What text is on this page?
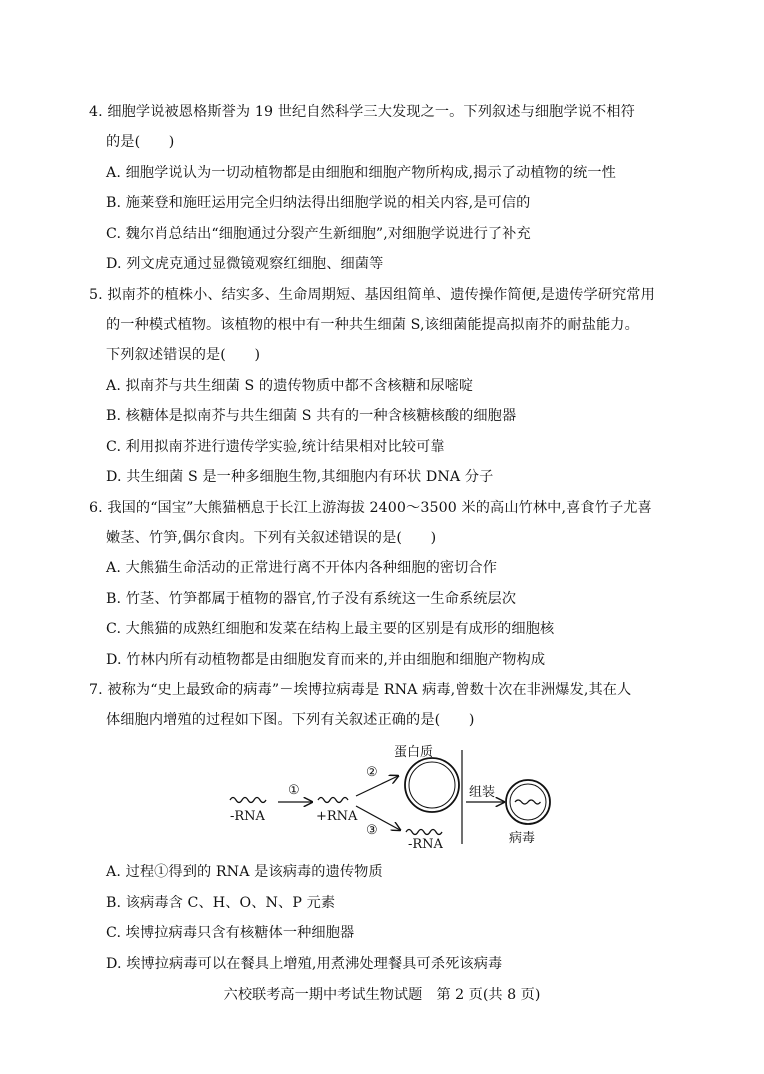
4. 细胞学说被恩格斯誉为 19 世纪自然科学三大发现之一。下列叙述与细胞学说不相符
的是(　　)
A. 细胞学说认为一切动植物都是由细胞和细胞产物所构成,揭示了动植物的统一性
B. 施莱登和施旺运用完全归纳法得出细胞学说的相关内容,是可信的
C. 魏尔肖总结出“细胞通过分裂产生新细胞”,对细胞学说进行了补充
D. 列文虎克通过显微镜观察红细胞、细菌等
5. 拟南芥的植株小、结实多、生命周期短、基因组简单、遗传操作简便,是遗传学研究常用
的一种模式植物。该植物的根中有一种共生细菌 S,该细菌能提高拟南芥的耐盐能力。
下列叙述错误的是(　　)
A. 拟南芥与共生细菌 S 的遗传物质中都不含核糖和尿嘧啶
B. 核糖体是拟南芥与共生细菌 S 共有的一种含核糖核酸的细胞器
C. 利用拟南芥进行遗传学实验,统计结果相对比较可靠
D. 共生细菌 S 是一种多细胞生物,其细胞内有环状 DNA 分子
6. 我国的“国宝”大熊猫栖息于长江上游海拔 2400～3500 米的高山竹林中,喜食竹子尤喜
嫩茎、竹笋,偶尔食肉。下列有关叙述错误的是(　　)
A. 大熊猫生命活动的正常进行离不开体内各种细胞的密切合作
B. 竹茎、竹笋都属于植物的器官,竹子没有系统这一生命系统层次
C. 大熊猫的成熟红细胞和发菜在结构上最主要的区别是有成形的细胞核
D. 竹林内所有动植物都是由细胞发育而来的,并由细胞和细胞产物构成
7. 被称为“史上最致命的病毒”－埃博拉病毒是 RNA 病毒,曾数十次在非洲爆发,其在人
体细胞内增殖的过程如下图。下列有关叙述正确的是(　　)
-RNA
①
+RNA
②
③
蛋白质
-RNA
组装
病毒
A. 过程①得到的 RNA 是该病毒的遗传物质
B. 该病毒含 C、H、O、N、P 元素
C. 埃博拉病毒只含有核糖体一种细胞器
D. 埃博拉病毒可以在餐具上增殖,用煮沸处理餐具可杀死该病毒
六校联考高一期中考试生物试题　第 2 页(共 8 页)
